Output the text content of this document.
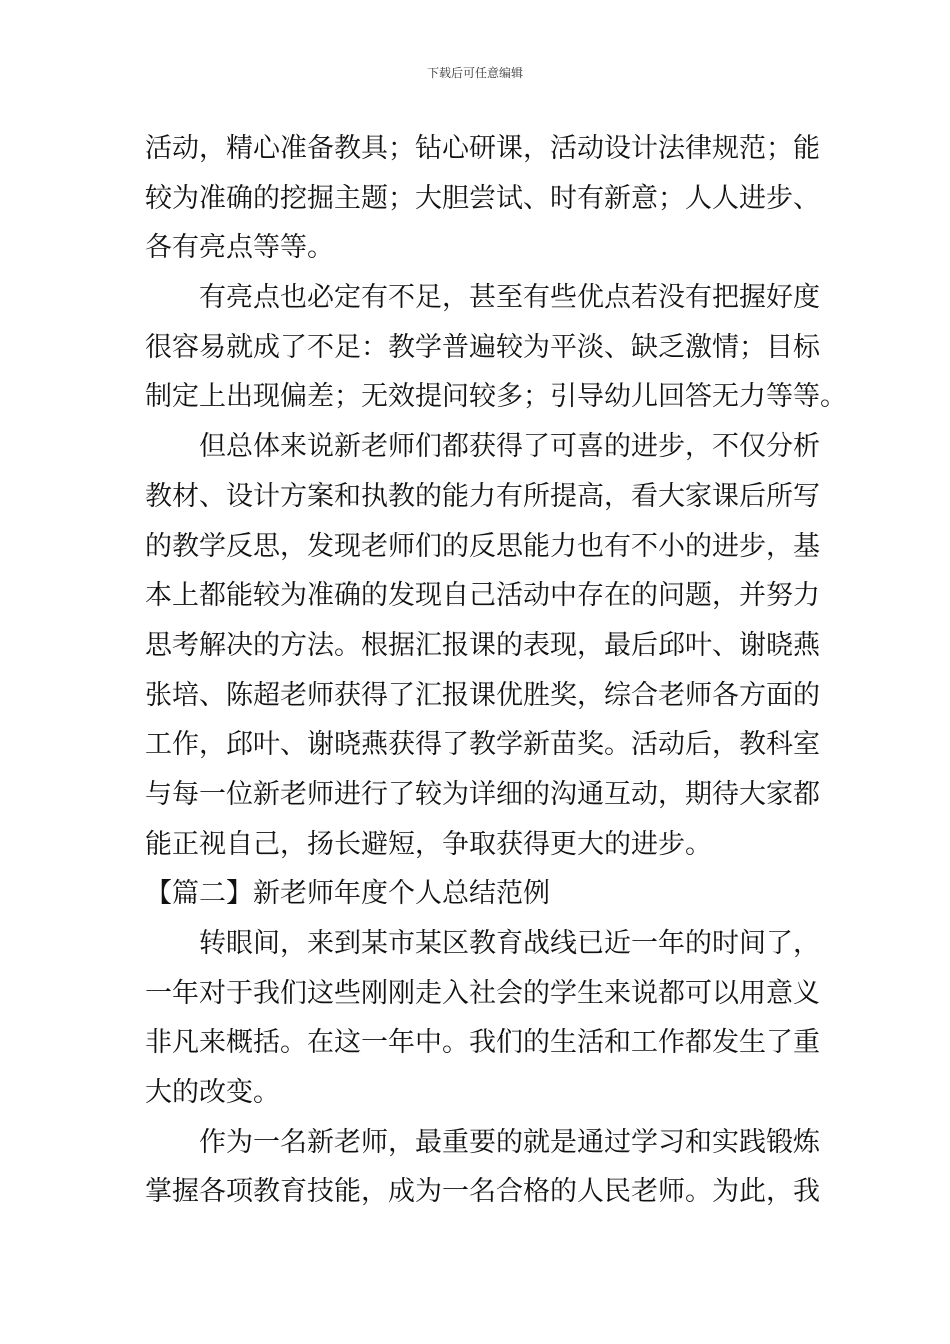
下载后可任意编辑
活动，精心准备教具；钻心研课，活动设计法律规范；能
较为准确的挖掘主题；大胆尝试、时有新意；人人进步、
各有亮点等等。
有亮点也必定有不足，甚至有些优点若没有把握好度
很容易就成了不足：教学普遍较为平淡、缺乏激情；目标
制定上出现偏差；无效提问较多；引导幼儿回答无力等等。
但总体来说新老师们都获得了可喜的进步，不仅分析
教材、设计方案和执教的能力有所提高，看大家课后所写
的教学反思，发现老师们的反思能力也有不小的进步，基
本上都能较为准确的发现自己活动中存在的问题，并努力
思考解决的方法。根据汇报课的表现，最后邱叶、谢晓燕
张培、陈超老师获得了汇报课优胜奖，综合老师各方面的
工作，邱叶、谢晓燕获得了教学新苗奖。活动后，教科室
与每一位新老师进行了较为详细的沟通互动，期待大家都
能正视自己，扬长避短，争取获得更大的进步。
【篇二】新老师年度个人总结范例
转眼间，来到某市某区教育战线已近一年的时间了，
一年对于我们这些刚刚走入社会的学生来说都可以用意义
非凡来概括。在这一年中。我们的生活和工作都发生了重
大的改变。
作为一名新老师，最重要的就是通过学习和实践锻炼
掌握各项教育技能，成为一名合格的人民老师。为此，我
